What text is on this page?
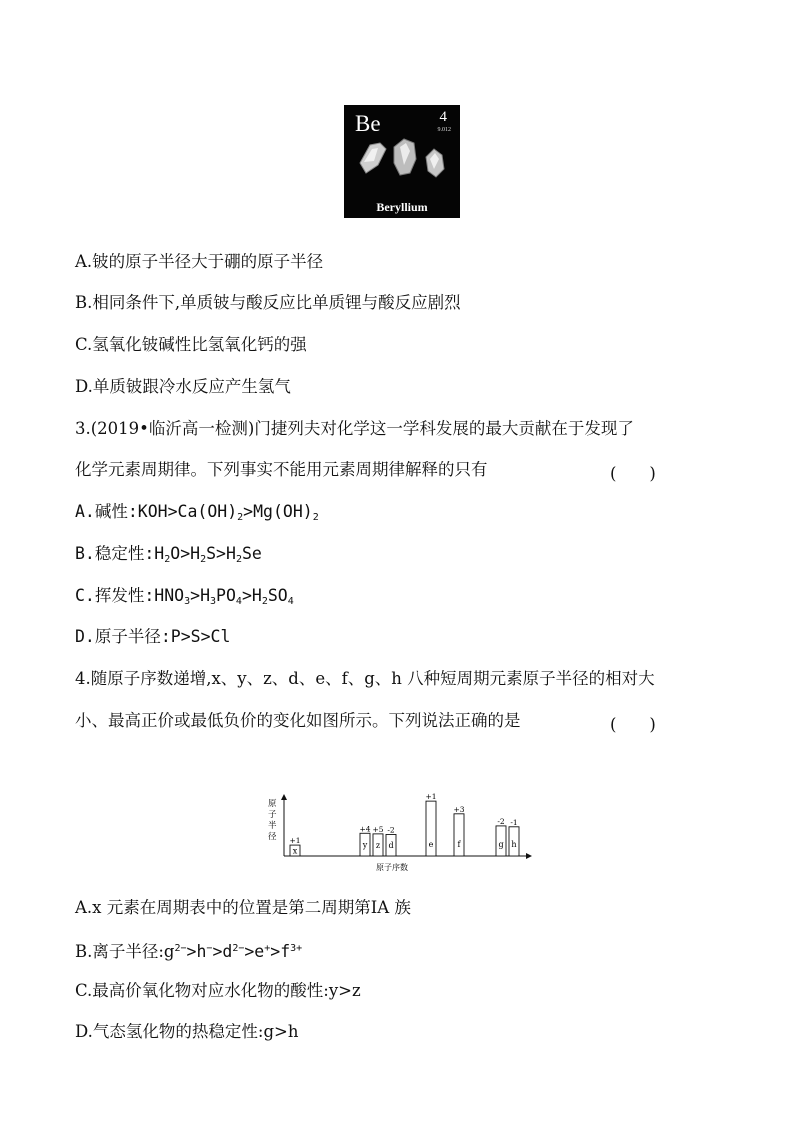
Be	4
9.012
Beryllium
A.铍的原子半径大于硼的原子半径
B.相同条件下,单质铍与酸反应比单质锂与酸反应剧烈
C.氢氧化铍碱性比氢氧化钙的强
D.单质铍跟冷水反应产生氢气
3.(2019•临沂高一检测)门捷列夫对化学这一学科发展的最大贡献在于发现了
化学元素周期律。下列事实不能用元素周期律解释的只有	(　　)
A.碱性$:KOH>Ca(OH)_2>Mg(OH)_2$
B.稳定性$:H_2O>H_2S>H_2Se$
C.挥发性$:HNO_3>H_3PO_4>H_2SO_4$
D.原子半径:P>S>Cl
4.随原子序数递增,x、y、z、d、e、f、g、h 八种短周期元素原子半径的相对大
小、最高正价或最低负价的变化如图所示。下列说法正确的是	(　　)
原 子 半 径
原子序数
x
+1
y
+4
z
+5
d
-2
e
+1
f
+3
g
-2
h
-1
A.x 元素在周期表中的位置是第二周期第ⅠA 族
B.离子半径$:g^{2-}>h^->d^{2-}>e^+>f^{3+}$
C.最高价氧化物对应水化物的酸性:y>z
D.气态氢化物的热稳定性:g>h
